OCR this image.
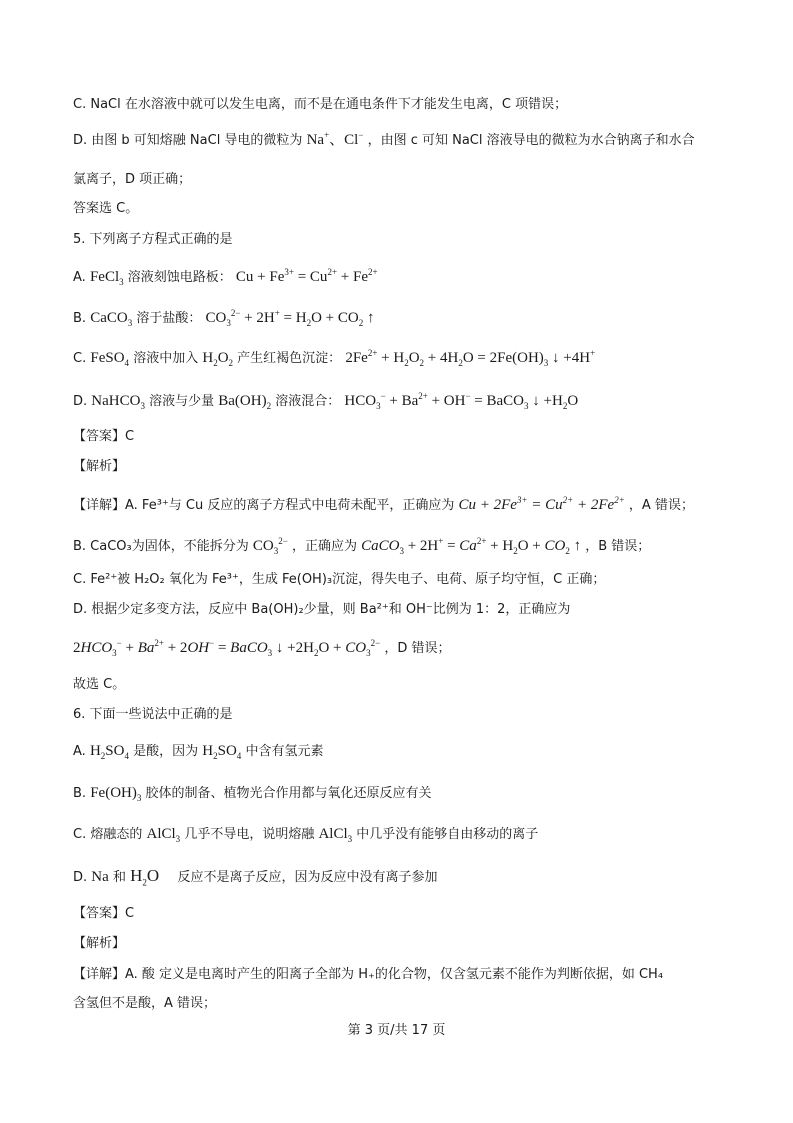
C. NaCl 在水溶液中就可以发生电离，而不是在通电条件下才能发生电离，C 项错误；
D. 由图 b 可知熔融 NaCl 导电的微粒为 Na+、Cl− ，由图 c 可知 NaCl 溶液导电的微粒为水合钠离子和水合
氯离子，D 项正确；
答案选 C。
5. 下列离子方程式正确的是
A. FeCl$_3$ 溶液刻蚀电路板： $Cu + Fe^{3+} = Cu^{2+} + Fe^{2+}$
B. CaCO$_3$ 溶于盐酸： $CO_3^{2-} + 2H^+ = H_2O + CO_2$ ↑
C. FeSO$_4$ 溶液中加入 $H_2O_2$ 产生红褐色沉淀： $2Fe^{2+} + H_2O_2 + 4H_2O = 2Fe(OH)_3$ ↓ +4H+
D. NaHCO$_3$ 溶液与少量 $Ba(OH)_2$ 溶液混合： $HCO_3^- + Ba^{2+} + OH^-$ = BaCO$_3$ ↓ $+H_2O$
【答案】C
【解析】
【详解】A. Fe³⁺与 Cu 反应的离子方程式中电荷未配平，正确应为 $Cu + 2Fe^{3+} = Cu^{2+} + 2Fe^{2+}$ ，A 错误；
B. CaCO₃为固体，不能拆分为 $CO_3^{2-}$ ，正确应为 CaCO$_3$ + $2H^+ = Ca^{2+} + H_2O + CO_2$ ↑ ，B 错误；
C. Fe²⁺被 H₂O₂ 氧化为 Fe³⁺，生成 Fe(OH)₃沉淀，得失电子、电荷、原子均守恒，C 正确；
D. 根据少定多变方法，反应中 Ba(OH)₂少量，则 Ba²⁺和 OH⁻比例为 1：2，正确应为
$2HCO_3^- + Ba^{2+} + 2OH^-$ = BaCO$_3$ ↓ $+2H_2O + CO_3^{2-}$ ，D 错误；
故选 C。
6. 下面一些说法中正确的是
A. $H_2SO_4$ 是酸，因为 $H_2SO_4$ 中含有氢元素
B. $Fe(OH)_3$ 胶体的制备、植物光合作用都与氧化还原反应有关
C. 熔融态的 AlCl$_3$ 几乎不导电，说明熔融 AlCl$_3$ 中几乎没有能够自由移动的离子
D. Na 和 $H_2O$ 反应不是离子反应，因为反应中没有离子参加
【答案】C
【解析】
【详解】A. 酸 定义是电离时产生的阳离子全部为 H₊的化合物，仅含氢元素不能作为判断依据，如 CH₄
含氢但不是酸，A 错误；
第 3 页/共 17 页
